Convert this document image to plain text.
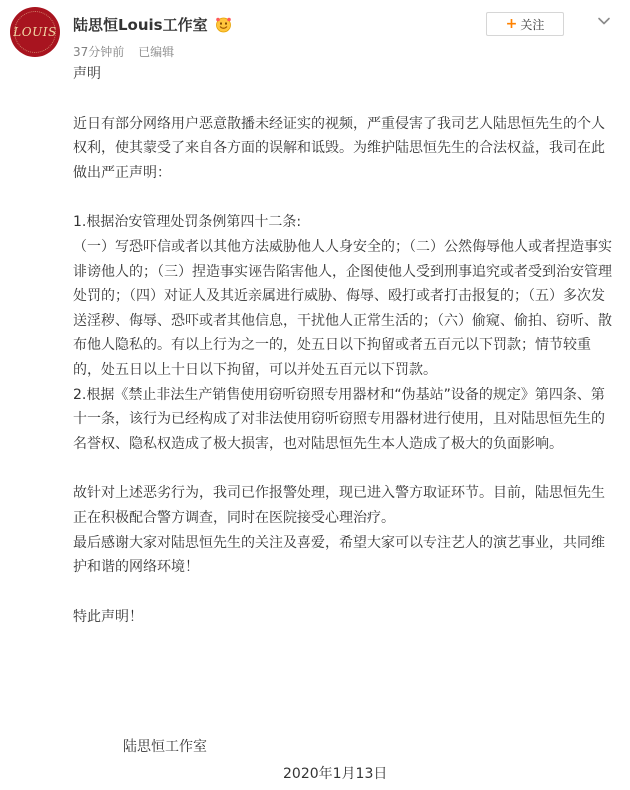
LOUIS 陆思恒Louis工作室
37分钟前 已编辑
+ 关注

声明

近日有部分网络用户恶意散播未经证实的视频，严重侵害了我司艺人陆思恒先生的个人权利，使其蒙受了来自各方面的误解和诋毁。为维护陆思恒先生的合法权益，我司在此做出严正声明：

1.根据治安管理处罚条例第四十二条:

（一）写恐吓信或者以其他方法威胁他人人身安全的；（二）公然侮辱他人或者捏造事实诽谤他人的；（三）捏造事实诬告陷害他人，企图使他人受到刑事追究或者受到治安管理处罚的；（四）对证人及其近亲属进行威胁、侮辱、殴打或者打击报复的；（五）多次发送淫秽、侮辱、恐吓或者其他信息，干扰他人正常生活的；（六）偷窥、偷拍、窃听、散布他人隐私的。有以上行为之一的，处五日以下拘留或者五百元以下罚款；情节较重的，处五日以上十日以下拘留，可以并处五百元以下罚款。

2.根据《禁止非法生产销售使用窃听窃照专用器材和“伪基站”设备的规定》第四条、第十一条，该行为已经构成了对非法使用窃听窃照专用器材进行使用，且对陆思恒先生的名誉权、隐私权造成了极大损害，也对陆思恒先生本人造成了极大的负面影响。

故针对上述恶劣行为，我司已作报警处理，现已进入警方取证环节。目前，陆思恒先生正在积极配合警方调查，同时在医院接受心理治疗。

最后感谢大家对陆思恒先生的关注及喜爱，希望大家可以专注艺人的演艺事业，共同维护和谐的网络环境！

特此声明！

陆思恒工作室
2020年1月13日
